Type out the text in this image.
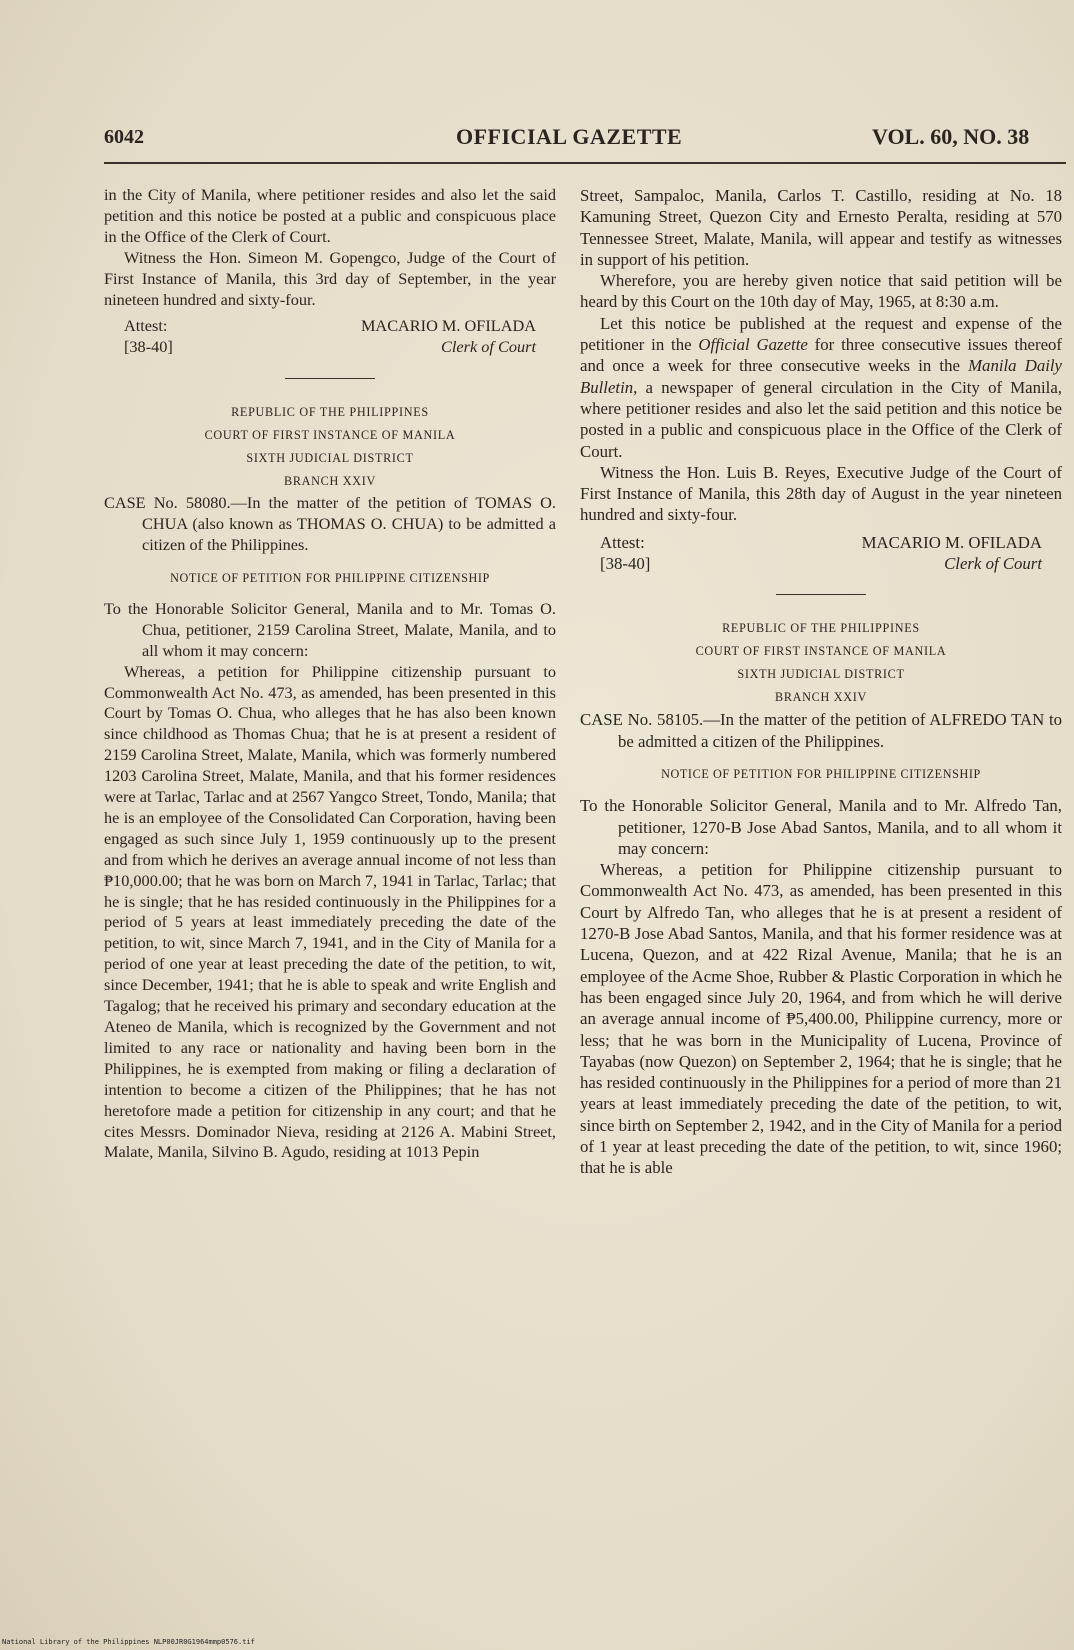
6042	OFFICIAL GAZETTE	VOL. 60, NO. 38

in the City of Manila, where petitioner resides and also let the said petition and this notice be posted at a public and conspicuous place in the Office of the Clerk of Court.

Witness the Hon. Simeon M. Gopengco, Judge of the Court of First Instance of Manila, this 3rd day of September, in the year nineteen hundred and sixty-four.

Attest:
[38-40]
MACARIO M. OFILADA
Clerk of Court
REPUBLIC OF THE PHILIPPINES
COURT OF FIRST INSTANCE OF MANILA
SIXTH JUDICIAL DISTRICT
BRANCH XXIV

CASE No. 58080.—In the matter of the petition of TOMAS O. CHUA (also known as THOMAS O. CHUA) to be admitted a citizen of the Philippines.

NOTICE OF PETITION FOR PHILIPPINE CITIZENSHIP

To the Honorable Solicitor General, Manila and to Mr. Tomas O. Chua, petitioner, 2159 Carolina Street, Malate, Manila, and to all whom it may concern:

Whereas, a petition for Philippine citizenship pursuant to Commonwealth Act No. 473, as amended, has been presented in this Court by Tomas O. Chua, who alleges that he has also been known since childhood as Thomas Chua; that he is at present a resident of 2159 Carolina Street, Malate, Manila, which was formerly numbered 1203 Carolina Street, Malate, Manila, and that his former residences were at Tarlac, Tarlac and at 2567 Yangco Street, Tondo, Manila; that he is an employee of the Consolidated Can Corporation, having been engaged as such since July 1, 1959 continuously up to the present and from which he derives an average annual income of not less than ₱10,000.00; that he was born on March 7, 1941 in Tarlac, Tarlac; that he is single; that he has resided continuously in the Philippines for a period of 5 years at least immediately preceding the date of the petition, to wit, since March 7, 1941, and in the City of Manila for a period of one year at least preceding the date of the petition, to wit, since December, 1941; that he is able to speak and write English and Tagalog; that he received his primary and secondary education at the Ateneo de Manila, which is recognized by the Government and not limited to any race or nationality and having been born in the Philippines, he is exempted from making or filing a declaration of intention to become a citizen of the Philippines; that he has not heretofore made a petition for citizenship in any court; and that he cites Messrs. Dominador Nieva, residing at 2126 A. Mabini Street, Malate, Manila, Silvino B. Agudo, residing at 1013 Pepin

Street, Sampaloc, Manila, Carlos T. Castillo, residing at No. 18 Kamuning Street, Quezon City and Ernesto Peralta, residing at 570 Tennessee Street, Malate, Manila, will appear and testify as witnesses in support of his petition.

Wherefore, you are hereby given notice that said petition will be heard by this Court on the 10th day of May, 1965, at 8:30 a.m.

Let this notice be published at the request and expense of the petitioner in the Official Gazette for three consecutive issues thereof and once a week for three consecutive weeks in the Manila Daily Bulletin, a newspaper of general circulation in the City of Manila, where petitioner resides and also let the said petition and this notice be posted in a public and conspicuous place in the Office of the Clerk of Court.

Witness the Hon. Luis B. Reyes, Executive Judge of the Court of First Instance of Manila, this 28th day of August in the year nineteen hundred and sixty-four.

Attest:
[38-40]
MACARIO M. OFILADA
Clerk of Court
REPUBLIC OF THE PHILIPPINES
COURT OF FIRST INSTANCE OF MANILA
SIXTH JUDICIAL DISTRICT
BRANCH XXIV

CASE No. 58105.—In the matter of the petition of ALFREDO TAN to be admitted a citizen of the Philippines.

NOTICE OF PETITION FOR PHILIPPINE CITIZENSHIP

To the Honorable Solicitor General, Manila and to Mr. Alfredo Tan, petitioner, 1270-B Jose Abad Santos, Manila, and to all whom it may concern:

Whereas, a petition for Philippine citizenship pursuant to Commonwealth Act No. 473, as amended, has been presented in this Court by Alfredo Tan, who alleges that he is at present a resident of 1270-B Jose Abad Santos, Manila, and that his former residence was at Lucena, Quezon, and at 422 Rizal Avenue, Manila; that he is an employee of the Acme Shoe, Rubber & Plastic Corporation in which he has been engaged since July 20, 1964, and from which he will derive an average annual income of ₱5,400.00, Philippine currency, more or less; that he was born in the Municipality of Lucena, Province of Tayabas (now Quezon) on September 2, 1964; that he is single; that he has resided continuously in the Philippines for a period of more than 21 years at least immediately preceding the date of the petition, to wit, since birth on September 2, 1942, and in the City of Manila for a period of 1 year at least preceding the date of the petition, to wit, since 1960; that he is able

National Library of the Philippines NLP00JR0G1964mmp0576.tif
